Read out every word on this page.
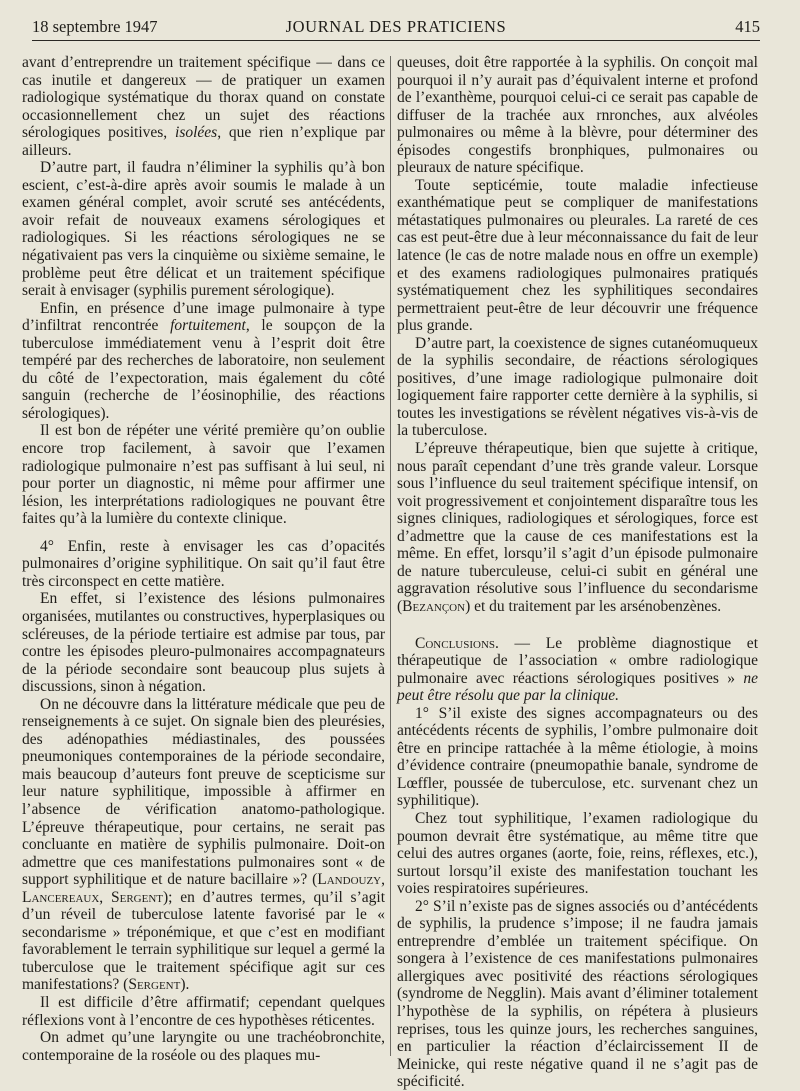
18 septembre 1947	JOURNAL DES PRATICIENS	415

avant d’entreprendre un traitement spécifique — dans ce cas inutile et dangereux — de pratiquer un examen radiologique systématique du thorax quand on constate occasionnellement chez un sujet des réactions sérologiques positives, isolées, que rien n’explique par ailleurs.

D’autre part, il faudra n’éliminer la syphilis qu’à bon escient, c’est-à-dire après avoir soumis le malade à un examen général complet, avoir scruté ses antécédents, avoir refait de nouveaux examens sérologiques et radiologiques. Si les réactions sérologiques ne se négativaient pas vers la cinquième ou sixième semaine, le problème peut être délicat et un traitement spécifique serait à envisager (syphilis purement sérologique).

Enfin, en présence d’une image pulmonaire à type d’infiltrat rencontrée fortuitement, le soupçon de la tuberculose immédiatement venu à l’esprit doit être tempéré par des recherches de laboratoire, non seulement du côté de l’expectoration, mais également du côté sanguin (recherche de l’éosinophilie, des réactions sérologiques).

Il est bon de répéter une vérité première qu’on oublie encore trop facilement, à savoir que l’examen radiologique pulmonaire n’est pas suffisant à lui seul, ni pour porter un diagnostic, ni même pour affirmer une lésion, les interprétations radiologiques ne pouvant être faites qu’à la lumière du contexte clinique.

4° Enfin, reste à envisager les cas d’opacités pulmonaires d’origine syphilitique. On sait qu’il faut être très circonspect en cette matière.

En effet, si l’existence des lésions pulmonaires organisées, mutilantes ou constructives, hyperplasiques ou scléreuses, de la période tertiaire est admise par tous, par contre les épisodes pleuro-pulmonaires accompagnateurs de la période secondaire sont beaucoup plus sujets à discussions, sinon à négation.

On ne découvre dans la littérature médicale que peu de renseignements à ce sujet. On signale bien des pleurésies, des adénopathies médiastinales, des poussées pneumoniques contemporaines de la période secondaire, mais beaucoup d’auteurs font preuve de scepticisme sur leur nature syphilitique, impossible à affirmer en l’absence de vérification anatomo-pathologique. L’épreuve thérapeutique, pour certains, ne serait pas concluante en matière de syphilis pulmonaire. Doit-on admettre que ces manifestations pulmonaires sont « de support syphilitique et de nature bacillaire »? (Landouzy, Lancereaux, Sergent); en d’autres termes, qu’il s’agit d’un réveil de tuberculose latente favorisé par le « secondarisme » tréponémique, et que c’est en modifiant favorablement le terrain syphilitique sur lequel a germé la tuberculose que le traitement spécifique agit sur ces manifestations? (Sergent).

Il est difficile d’être affirmatif; cependant quelques réflexions vont à l’encontre de ces hypothèses réticentes.

On admet qu’une laryngite ou une trachéobronchite, contemporaine de la roséole ou des plaques mu-

queuses, doit être rapportée à la syphilis. On conçoit mal pourquoi il n’y aurait pas d’équivalent interne et profond de l’exanthème, pourquoi celui-ci ce serait pas capable de diffuser de la trachée aux rnronches, aux alvéoles pulmonaires ou même à la blèvre, pour déterminer des épisodes congestifs bronphiques, pulmonaires ou pleuraux de nature spécifique.

Toute septicémie, toute maladie infectieuse exanthématique peut se compliquer de manifestations métastatiques pulmonaires ou pleurales. La rareté de ces cas est peut-être due à leur méconnaissance du fait de leur latence (le cas de notre malade nous en offre un exemple) et des examens radiologiques pulmonaires pratiqués systématiquement chez les syphilitiques secondaires permettraient peut-être de leur découvrir une fréquence plus grande.

D’autre part, la coexistence de signes cutanéomuqueux de la syphilis secondaire, de réactions sérologiques positives, d’une image radiologique pulmonaire doit logiquement faire rapporter cette dernière à la syphilis, si toutes les investigations se révèlent négatives vis-à-vis de la tuberculose.

L’épreuve thérapeutique, bien que sujette à critique, nous paraît cependant d’une très grande valeur. Lorsque sous l’influence du seul traitement spécifique intensif, on voit progressivement et conjointement disparaître tous les signes cliniques, radiologiques et sérologiques, force est d’admettre que la cause de ces manifestations est la même. En effet, lorsqu’il s’agit d’un épisode pulmonaire de nature tuberculeuse, celui-ci subit en général une aggravation résolutive sous l’influence du secondarisme (Bezançon) et du traitement par les arsénobenzènes.

Conclusions. — Le problème diagnostique et thérapeutique de l’association « ombre radiologique pulmonaire avec réactions sérologiques positives » ne peut être résolu que par la clinique.

1° S’il existe des signes accompagnateurs ou des antécédents récents de syphilis, l’ombre pulmonaire doit être en principe rattachée à la même étiologie, à moins d’évidence contraire (pneumopathie banale, syndrome de Lœffler, poussée de tuberculose, etc. survenant chez un syphilitique).

Chez tout syphilitique, l’examen radiologique du poumon devrait être systématique, au même titre que celui des autres organes (aorte, foie, reins, réflexes, etc.), surtout lorsqu’il existe des manifestation touchant les voies respiratoires supérieures.

2° S’il n’existe pas de signes associés ou d’antécédents de syphilis, la prudence s’impose; il ne faudra jamais entreprendre d’emblée un traitement spécifique. On songera à l’existence de ces manifestations pulmonaires allergiques avec positivité des réactions sérologiques (syndrome de Negglin). Mais avant d’éliminer totalement l’hypothèse de la syphilis, on répétera à plusieurs reprises, tous les quinze jours, les recherches sanguines, en particulier la réaction d’éclaircissement II de Meinicke, qui reste négative quand il ne s’agit pas de spécificité.
